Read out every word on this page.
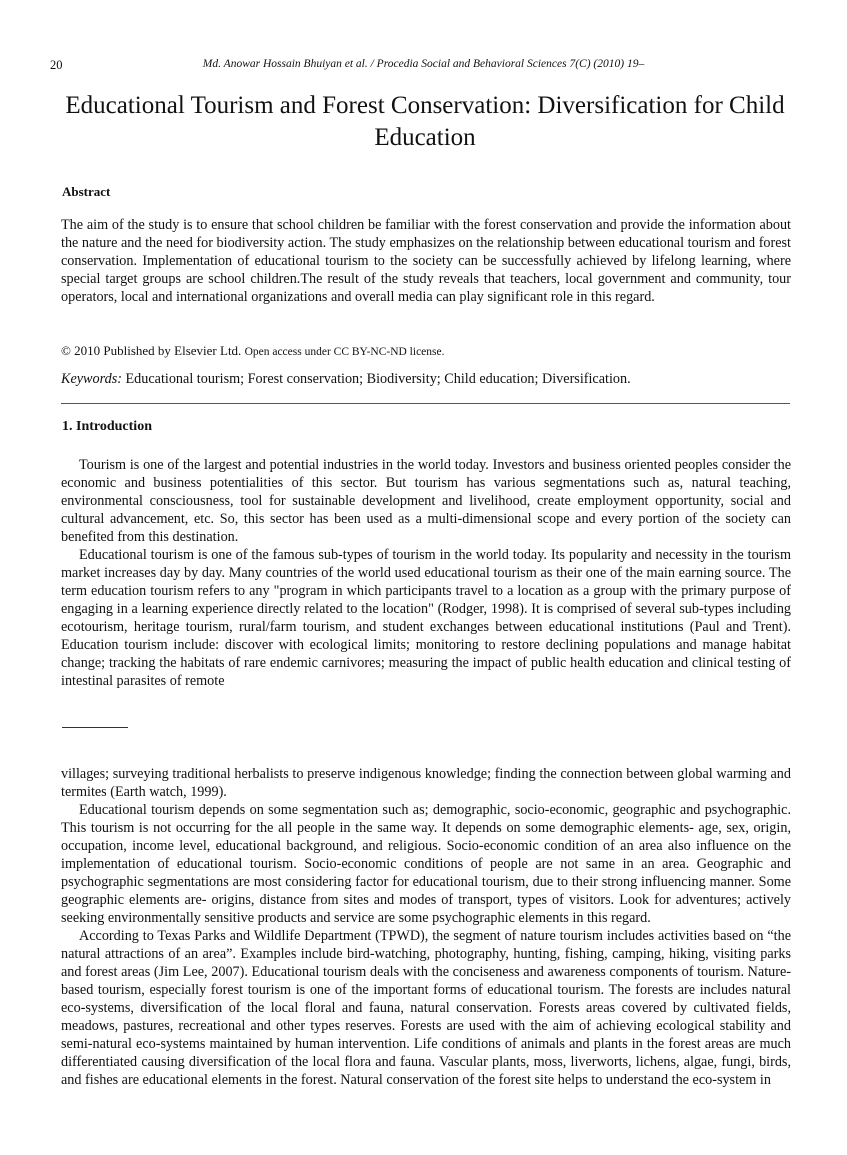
20	Md. Anowar Hossain Bhuiyan et al. / Procedia Social and Behavioral Sciences 7(C) (2010) 19–
Educational Tourism and Forest Conservation: Diversification for Child Education
Abstract

The aim of the study is to ensure that school children be familiar with the forest conservation and provide the information about the nature and the need for biodiversity action. The study emphasizes on the relationship between educational tourism and forest conservation. Implementation of educational tourism to the society can be successfully achieved by lifelong learning, where special target groups are school children.The result of the study reveals that teachers, local government and community, tour operators, local and international organizations and overall media can play significant role in this regard.

© 2010 Published by Elsevier Ltd. Open access under CC BY-NC-ND license.
Keywords: Educational tourism; Forest conservation; Biodiversity; Child education; Diversification.
1. Introduction

Tourism is one of the largest and potential industries in the world today. Investors and business oriented peoples consider the economic and business potentialities of this sector. But tourism has various segmentations such as, natural teaching, environmental consciousness, tool for sustainable development and livelihood, create employment opportunity, social and cultural advancement, etc. So, this sector has been used as a multi-dimensional scope and every portion of the society can benefited from this destination.

Educational tourism is one of the famous sub-types of tourism in the world today. Its popularity and necessity in the tourism market increases day by day. Many countries of the world used educational tourism as their one of the main earning source. The term education tourism refers to any "program in which participants travel to a location as a group with the primary purpose of engaging in a learning experience directly related to the location" (Rodger, 1998). It is comprised of several sub-types including ecotourism, heritage tourism, rural/farm tourism, and student exchanges between educational institutions (Paul and Trent). Education tourism include: discover with ecological limits; monitoring to restore declining populations and manage habitat change; tracking the habitats of rare endemic carnivores; measuring the impact of public health education and clinical testing of intestinal parasites of remote

villages; surveying traditional herbalists to preserve indigenous knowledge; finding the connection between global warming and termites (Earth watch, 1999).

Educational tourism depends on some segmentation such as; demographic, socio-economic, geographic and psychographic. This tourism is not occurring for the all people in the same way. It depends on some demographic elements- age, sex, origin, occupation, income level, educational background, and religious. Socio-economic condition of an area also influence on the implementation of educational tourism. Socio-economic conditions of people are not same in an area. Geographic and psychographic segmentations are most considering factor for educational tourism, due to their strong influencing manner. Some geographic elements are- origins, distance from sites and modes of transport, types of visitors. Look for adventures; actively seeking environmentally sensitive products and service are some psychographic elements in this regard.

According to Texas Parks and Wildlife Department (TPWD), the segment of nature tourism includes activities based on “the natural attractions of an area”. Examples include bird-watching, photography, hunting, fishing, camping, hiking, visiting parks and forest areas (Jim Lee, 2007). Educational tourism deals with the conciseness and awareness components of tourism. Nature-based tourism, especially forest tourism is one of the important forms of educational tourism. The forests are includes natural eco-systems, diversification of the local floral and fauna, natural conservation. Forests areas covered by cultivated fields, meadows, pastures, recreational and other types reserves. Forests are used with the aim of achieving ecological stability and semi-natural eco-systems maintained by human intervention. Life conditions of animals and plants in the forest areas are much differentiated causing diversification of the local flora and fauna. Vascular plants, moss, liverworts, lichens, algae, fungi, birds, and fishes are educational elements in the forest. Natural conservation of the forest site helps to understand the eco-system in
